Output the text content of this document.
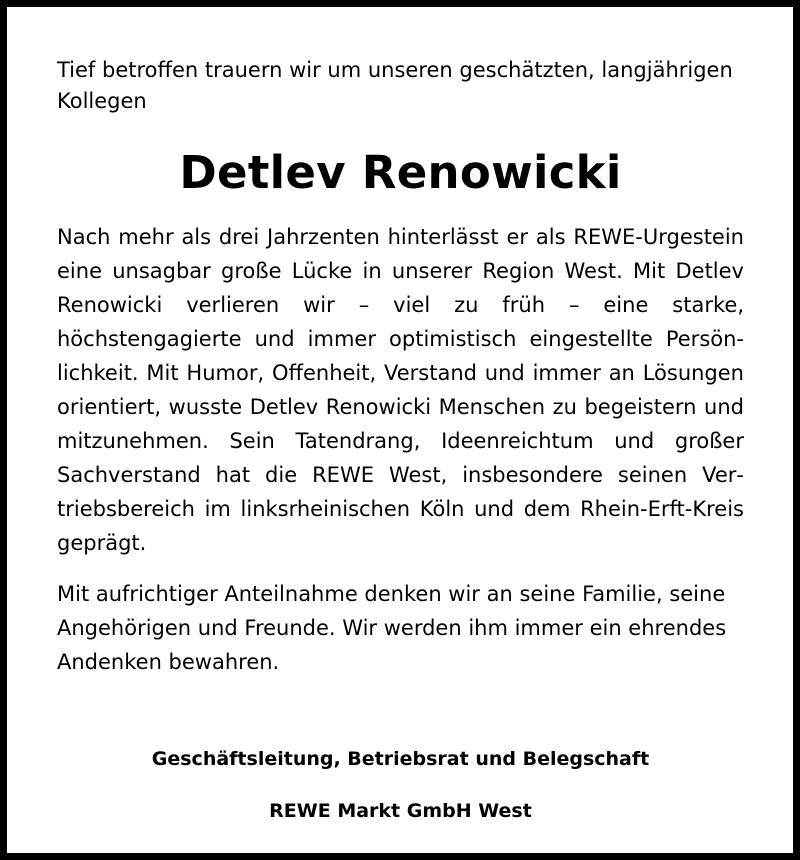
Tief betroffen trauern wir um unseren geschätzten, langjährigen Kollegen

Detlev Renowicki

Nach mehr als drei Jahrzenten hinterlässt er als REWE-Urgestein eine unsagbar große Lücke in unserer Region West. Mit Detlev Renowicki verlieren wir – viel zu früh – eine starke, höchstengagierte und immer optimistisch eingestellte Persönlichkeit. Mit Humor, Offenheit, Verstand und immer an Lösungen orientiert, wusste Detlev Renowicki Menschen zu begeistern und mitzunehmen. Sein Tatendrang, Ideenreichtum und großer Sachverstand hat die REWE West, insbesondere seinen Vertriebsbereich im linksrheinischen Köln und dem Rhein-Erft-Kreis geprägt.

Mit aufrichtiger Anteilnahme denken wir an seine Familie, seine Angehörigen und Freunde. Wir werden ihm immer ein ehrendes Andenken bewahren.

Geschäftsleitung, Betriebsrat und Belegschaft

REWE Markt GmbH West
